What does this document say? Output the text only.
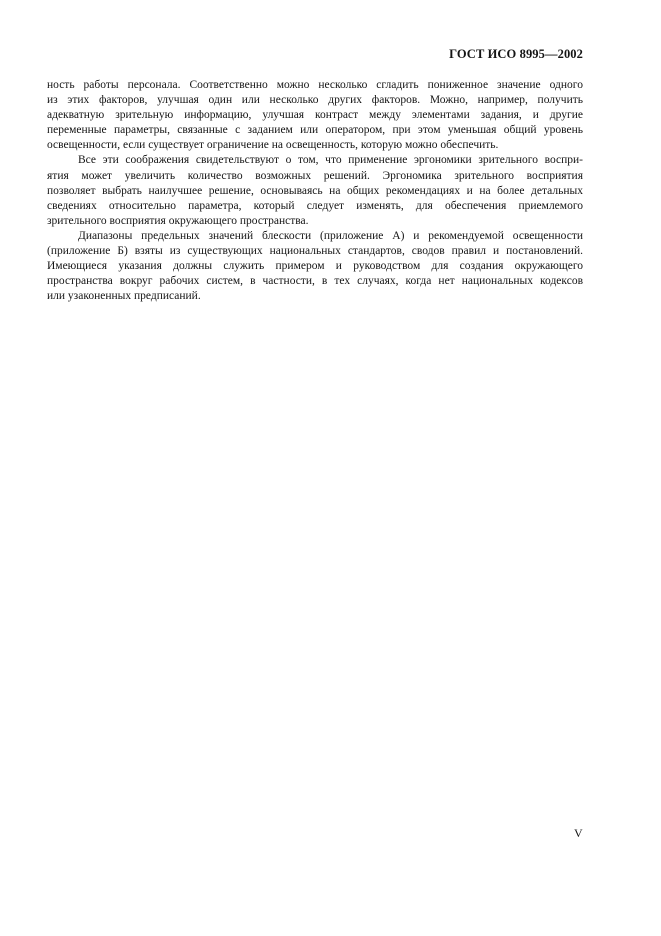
ГОСТ ИСО 8995—2002
ность работы персонала. Соответственно можно несколько сгладить пониженное значение одного
из этих факторов, улучшая один или несколько других факторов. Можно, например, получить
адекватную зрительную информацию, улучшая контраст между элементами задания, и другие
переменные параметры, связанные с заданием или оператором, при этом уменьшая общий уровень
освещенности, если существует ограничение на освещенность, которую можно обеспечить.
Все эти соображения свидетельствуют о том, что применение эргономики зрительного воспри-
ятия может увеличить количество возможных решений. Эргономика зрительного восприятия
позволяет выбрать наилучшее решение, основываясь на общих рекомендациях и на более детальных
сведениях относительно параметра, который следует изменять, для обеспечения приемлемого
зрительного восприятия окружающего пространства.
Диапазоны предельных значений блескости (приложение А) и рекомендуемой освещенности
(приложение Б) взяты из существующих национальных стандартов, сводов правил и постановлений.
Имеющиеся указания должны служить примером и руководством для создания окружающего
пространства вокруг рабочих систем, в частности, в тех случаях, когда нет национальных кодексов
или узаконенных предписаний.
V
